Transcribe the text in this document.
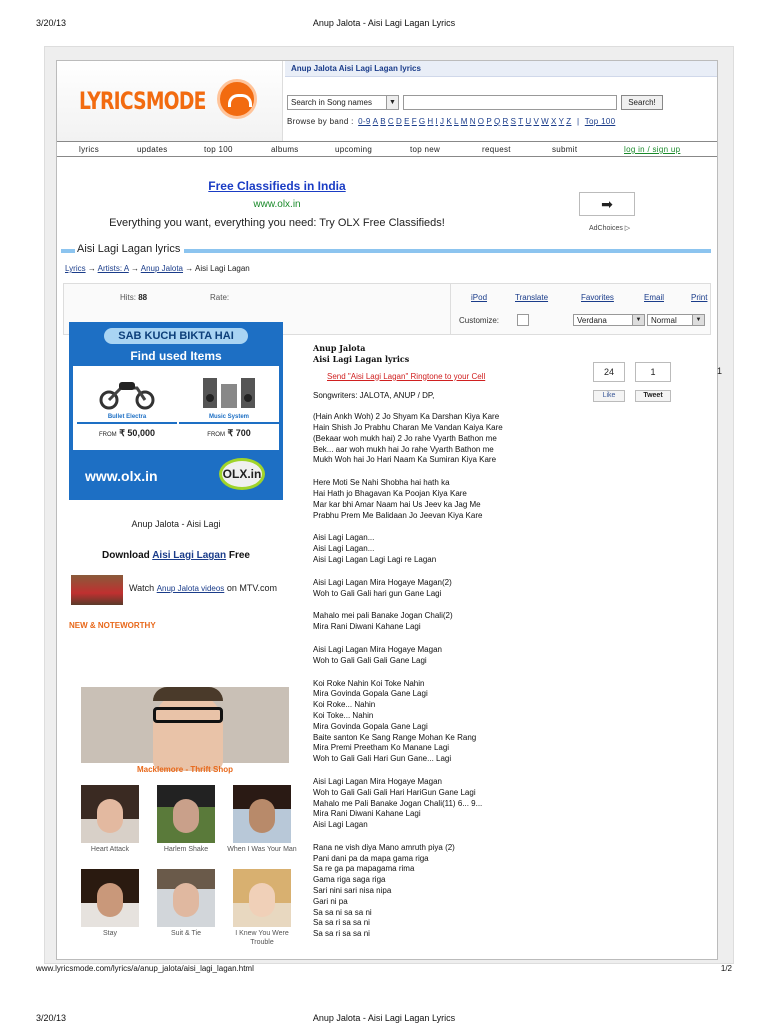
3/20/13	Anup Jalota - Aisi Lagi Lagan Lyrics
LYRICSMODE
Anup Jalota Aisi Lagi Lagan lyrics
Search in Song names	▼	Search!
Browse by band : 0-9 A B C D E F G H I J K L M N O P Q R S T U V W X Y Z | Top 100
lyrics	updates	top 100	albums	upcoming	top new	request	submit	log in / sign up
Free Classifieds in India
www.olx.in
Everything you want, everything you need: Try OLX Free Classifieds!
➡
AdChoices ▷
Aisi Lagi Lagan lyrics
Lyrics → Artists: A → Anup Jalota → Aisi Lagi Lagan
Hits: 88	Rate:	iPod	Translate	Favorites	Email	Print
Customize:	Verdana	▼	Normal	▼
SAB KUCH BIKTA HAI
Find used Items
Bullet Electra
FROM ₹ 50,000
Music System
FROM ₹ 700
www.olx.in	OLX.in
Anup Jalota - Aisi Lagi
Download Aisi Lagi Lagan Free
Watch Anup Jalota videos on MTV.com
NEW & NOTEWORTHY
Macklemore - Thrift Shop
Heart Attack	Harlem Shake	When I Was Your Man
Stay	Suit & Tie	I Knew You Were Trouble
Anup Jalota
Aisi Lagi Lagan lyrics
Send "Aisi Lagi Lagan" Ringtone to your Cell
Songwriters: JALOTA, ANUP / DP,
(Hain Ankh Woh) 2 Jo Shyam Ka Darshan Kiya Kare
Hain Shish Jo Prabhu Charan Me Vandan Kaiya Kare
(Bekaar woh mukh hai) 2 Jo rahe Vyarth Bathon me
Bek... aar woh mukh hai Jo rahe Vyarth Bathon me
Mukh Woh hai Jo Hari Naam Ka Sumiran Kiya Kare
Here Moti Se Nahi Shobha hai hath ka
Hai Hath jo Bhagavan Ka Poojan Kiya Kare
Mar kar bhi Amar Naam hai Us Jeev ka Jag Me
Prabhu Prem Me Balidaan Jo Jeevan Kiya Kare
Aisi Lagi Lagan...
Aisi Lagi Lagan...
Aisi Lagi Lagan Lagi Lagi re Lagan
Aisi Lagi Lagan Mira Hogaye Magan(2)
Woh to Gali Gali hari gun Gane Lagi
Mahalo mei pali Banake Jogan Chali(2)
Mira Rani Diwani Kahane Lagi
Aisi Lagi Lagan Mira Hogaye Magan
Woh to Gali Gali Gali Gane Lagi
Koi Roke Nahin Koi Toke Nahin
Mira Govinda Gopala Gane Lagi
Koi Roke... Nahin
Koi Toke... Nahin
Mira Govinda Gopala Gane Lagi
Baite santon Ke Sang Range Mohan Ke Rang
Mira Premi Preetham Ko Manane Lagi
Woh to Gali Gali Hari Gun Gane... Lagi
Aisi Lagi Lagan Mira Hogaye Magan
Woh to Gali Gali Gali Hari HariGun Gane Lagi
Mahalo me Pali Banake Jogan Chali(11) 6... 9...
Mira Rani Diwani Kahane Lagi
Aisi Lagi Lagan
Rana ne vish diya Mano amruth piya (2)
Pani dani pa da mapa gama riga
Sa re ga pa mapagama rima
Gama riga saga riga
Sari nini sari nisa nipa
Gari ni pa
Sa sa ni sa sa ni
Sa sa ri sa sa ni
Sa sa ri sa sa ni
24
Like
1
Tweet
1
www.lyricsmode.com/lyrics/a/anup_jalota/aisi_lagi_lagan.html	1/2
3/20/13	Anup Jalota - Aisi Lagi Lagan Lyrics
